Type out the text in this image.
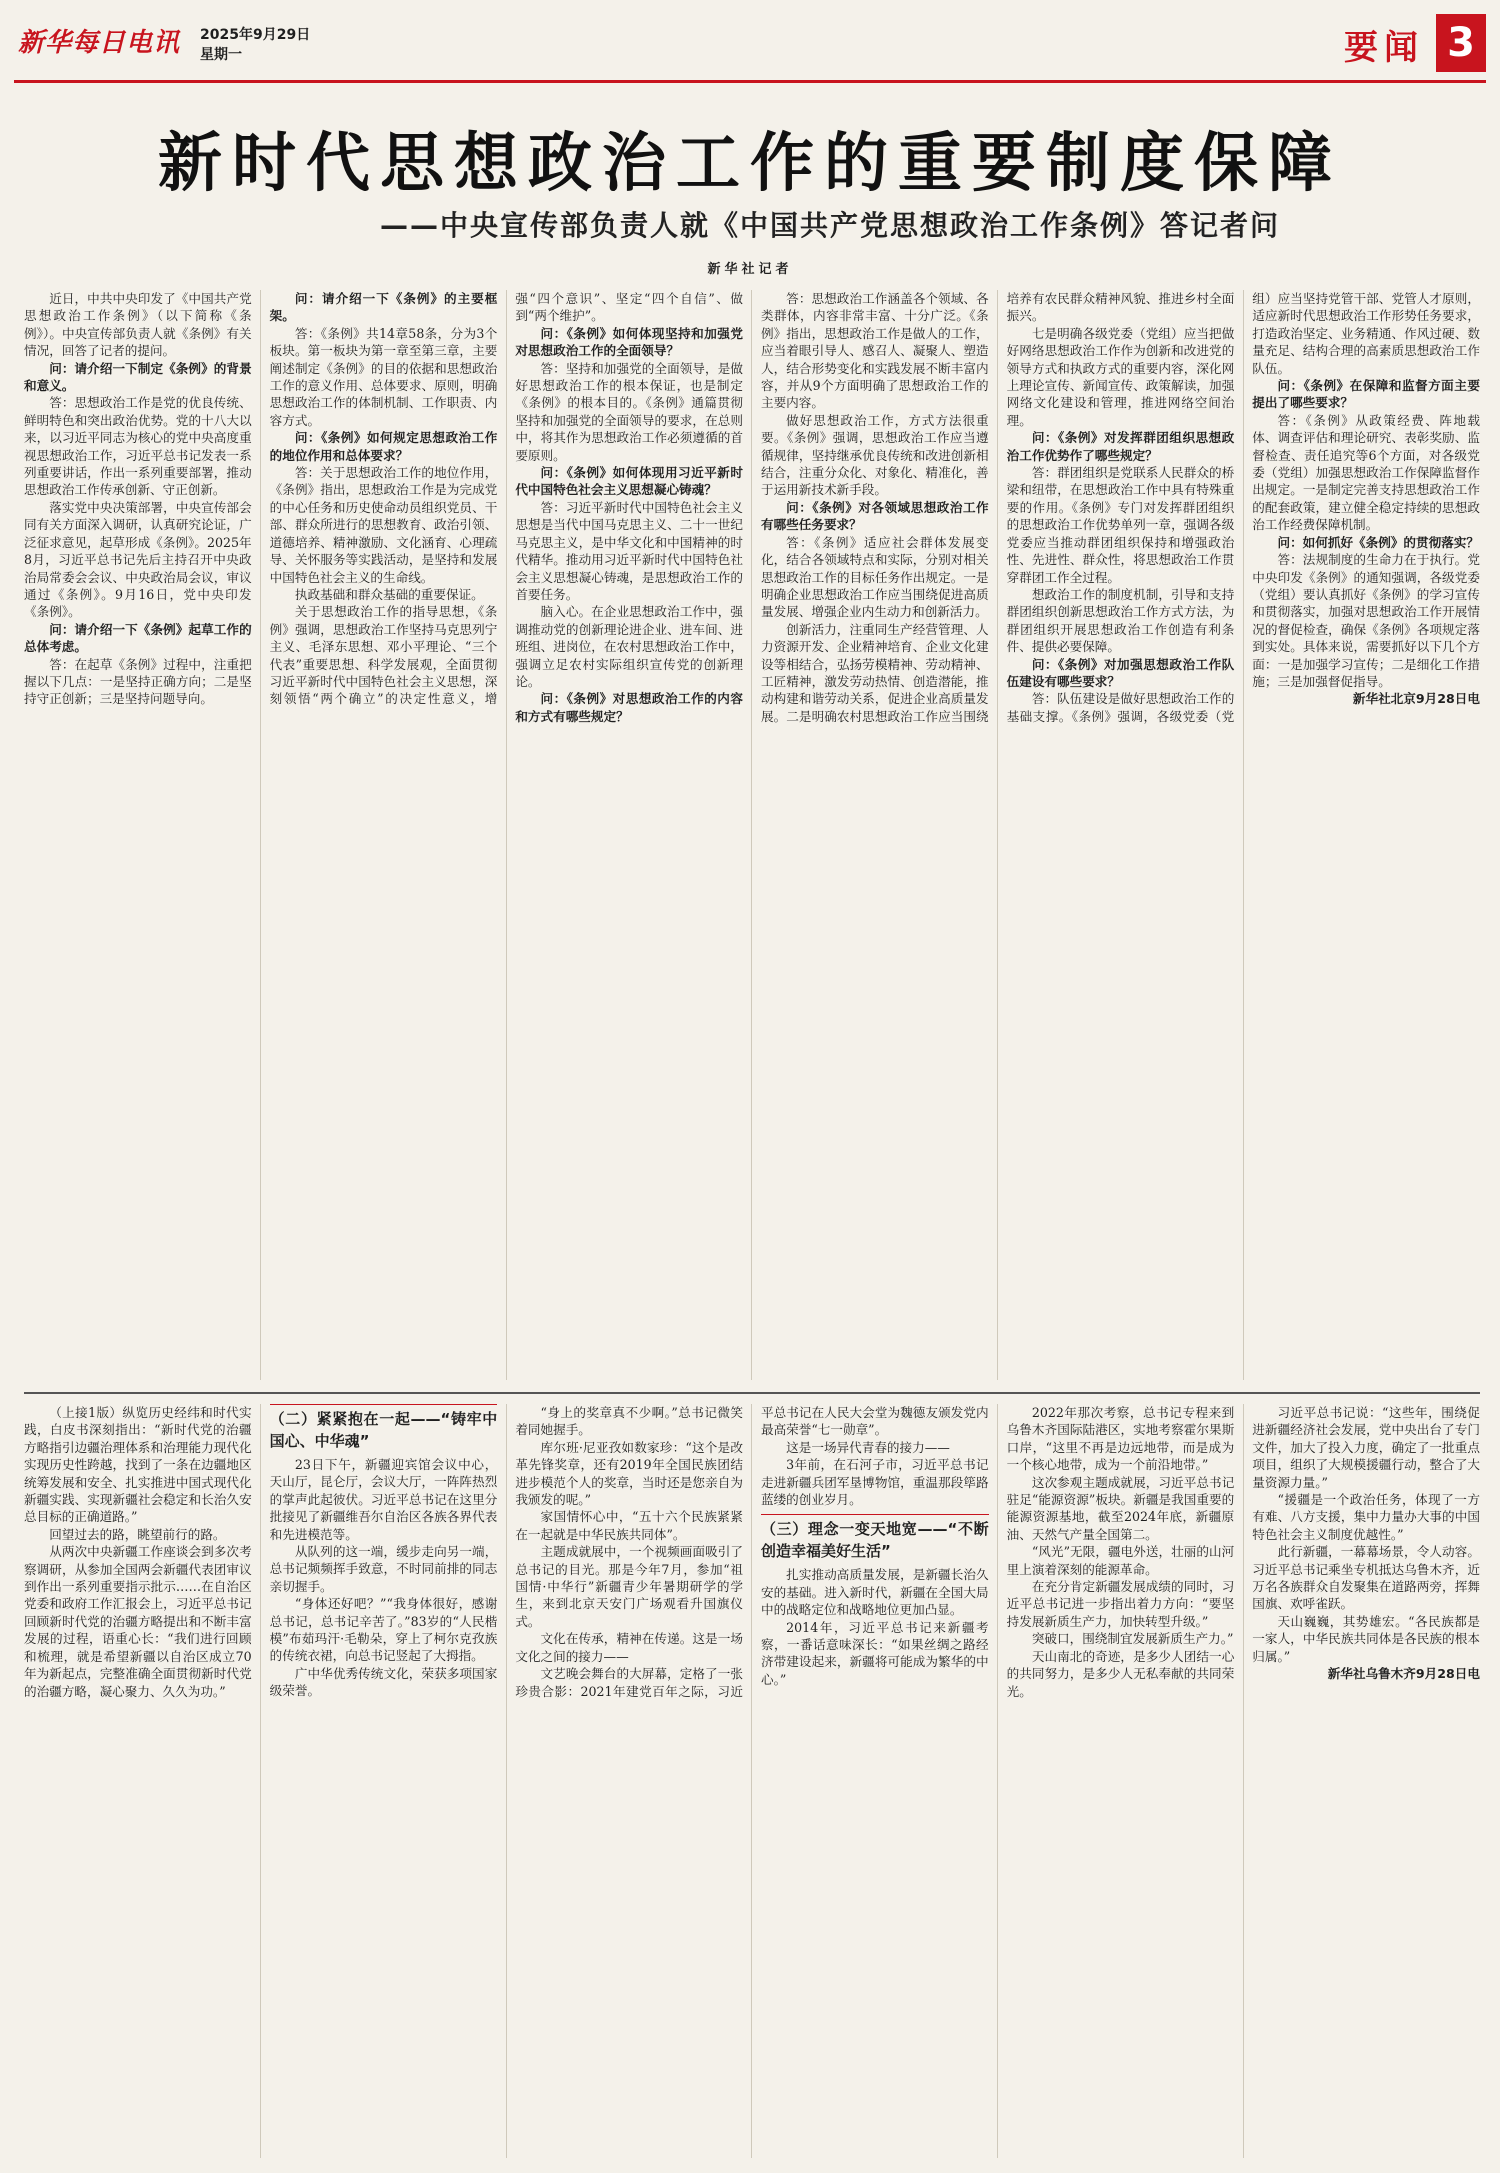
新华每日电讯 2025年9月29日
星期一	要闻 3
新时代思想政治工作的重要制度保障
——中央宣传部负责人就《中国共产党思想政治工作条例》答记者问
新华社记者

近日，中共中央印发了《中国共产党思想政治工作条例》（以下简称《条例》）。中央宣传部负责人就《条例》有关情况，回答了记者的提问。

问：请介绍一下制定《条例》的背景和意义。

答：思想政治工作是党的优良传统、鲜明特色和突出政治优势。党的十八大以来，以习近平同志为核心的党中央高度重视思想政治工作，习近平总书记发表一系列重要讲话，作出一系列重要部署，推动思想政治工作传承创新、守正创新。

落实党中央决策部署，中央宣传部会同有关方面深入调研，认真研究论证，广泛征求意见，起草形成《条例》。2025年8月，习近平总书记先后主持召开中央政治局常委会会议、中央政治局会议，审议通过《条例》。9月16日，党中央印发《条例》。

问：请介绍一下《条例》起草工作的总体考虑。

答：在起草《条例》过程中，注重把握以下几点：一是坚持正确方向；二是坚持守正创新；三是坚持问题导向。

问：请介绍一下《条例》的主要框架。

答：《条例》共14章58条，分为3个板块。第一板块为第一章至第三章，主要阐述制定《条例》的目的依据和思想政治工作的意义作用、总体要求、原则，明确思想政治工作的体制机制、工作职责、内容方式。

问：《条例》如何规定思想政治工作的地位作用和总体要求？

答：关于思想政治工作的地位作用，《条例》指出，思想政治工作是为完成党的中心任务和历史使命动员组织党员、干部、群众所进行的思想教育、政治引领、道德培养、精神激励、文化涵育、心理疏导、关怀服务等实践活动，是坚持和发展中国特色社会主义的生命线。

执政基础和群众基础的重要保证。

关于思想政治工作的指导思想，《条例》强调，思想政治工作坚持马克思列宁主义、毛泽东思想、邓小平理论、“三个代表”重要思想、科学发展观，全面贯彻习近平新时代中国特色社会主义思想，深刻领悟“两个确立”的决定性意义，增强“四个意识”、坚定“四个自信”、做到“两个维护”。

问：《条例》如何体现坚持和加强党对思想政治工作的全面领导？

答：坚持和加强党的全面领导，是做好思想政治工作的根本保证，也是制定《条例》的根本目的。《条例》通篇贯彻坚持和加强党的全面领导的要求，在总则中，将其作为思想政治工作必须遵循的首要原则。

问：《条例》如何体现用习近平新时代中国特色社会主义思想凝心铸魂？

答：习近平新时代中国特色社会主义思想是当代中国马克思主义、二十一世纪马克思主义，是中华文化和中国精神的时代精华。推动用习近平新时代中国特色社会主义思想凝心铸魂，是思想政治工作的首要任务。

脑入心。在企业思想政治工作中，强调推动党的创新理论进企业、进车间、进班组、进岗位，在农村思想政治工作中，强调立足农村实际组织宣传党的创新理论。

问：《条例》对思想政治工作的内容和方式有哪些规定？

答：思想政治工作涵盖各个领域、各类群体，内容非常丰富、十分广泛。《条例》指出，思想政治工作是做人的工作，应当着眼引导人、感召人、凝聚人、塑造人，结合形势变化和实践发展不断丰富内容，并从9个方面明确了思想政治工作的主要内容。

做好思想政治工作，方式方法很重要。《条例》强调，思想政治工作应当遵循规律，坚持继承优良传统和改进创新相结合，注重分众化、对象化、精准化，善于运用新技术新手段。

问：《条例》对各领域思想政治工作有哪些任务要求？

答：《条例》适应社会群体发展变化，结合各领域特点和实际，分别对相关思想政治工作的目标任务作出规定。一是明确企业思想政治工作应当围绕促进高质量发展、增强企业内生动力和创新活力。

创新活力，注重同生产经营管理、人力资源开发、企业精神培育、企业文化建设等相结合，弘扬劳模精神、劳动精神、工匠精神，激发劳动热情、创造潜能，推动构建和谐劳动关系，促进企业高质量发展。二是明确农村思想政治工作应当围绕培养有农民群众精神风貌、推进乡村全面振兴。

七是明确各级党委（党组）应当把做好网络思想政治工作作为创新和改进党的领导方式和执政方式的重要内容，深化网上理论宣传、新闻宣传、政策解读，加强网络文化建设和管理，推进网络空间治理。

问：《条例》对发挥群团组织思想政治工作优势作了哪些规定？

答：群团组织是党联系人民群众的桥梁和纽带，在思想政治工作中具有特殊重要的作用。《条例》专门对发挥群团组织的思想政治工作优势单列一章，强调各级党委应当推动群团组织保持和增强政治性、先进性、群众性，将思想政治工作贯穿群团工作全过程。

想政治工作的制度机制，引导和支持群团组织创新思想政治工作方式方法，为群团组织开展思想政治工作创造有利条件、提供必要保障。

问：《条例》对加强思想政治工作队伍建设有哪些要求？

答：队伍建设是做好思想政治工作的基础支撑。《条例》强调，各级党委（党组）应当坚持党管干部、党管人才原则，适应新时代思想政治工作形势任务要求，打造政治坚定、业务精通、作风过硬、数量充足、结构合理的高素质思想政治工作队伍。

问：《条例》在保障和监督方面主要提出了哪些要求？

答：《条例》从政策经费、阵地载体、调查评估和理论研究、表彰奖励、监督检查、责任追究等6个方面，对各级党委（党组）加强思想政治工作保障监督作出规定。一是制定完善支持思想政治工作的配套政策，建立健全稳定持续的思想政治工作经费保障机制。

问：如何抓好《条例》的贯彻落实？

答：法规制度的生命力在于执行。党中央印发《条例》的通知强调，各级党委（党组）要认真抓好《条例》的学习宣传和贯彻落实，加强对思想政治工作开展情况的督促检查，确保《条例》各项规定落到实处。具体来说，需要抓好以下几个方面：一是加强学习宣传；二是细化工作措施；三是加强督促指导。

新华社北京9月28日电

（上接1版）纵览历史经纬和时代实践，白皮书深刻指出：“新时代党的治疆方略指引边疆治理体系和治理能力现代化实现历史性跨越，找到了一条在边疆地区统筹发展和安全、扎实推进中国式现代化新疆实践、实现新疆社会稳定和长治久安总目标的正确道路。”

回望过去的路，眺望前行的路。

从两次中央新疆工作座谈会到多次考察调研，从参加全国两会新疆代表团审议到作出一系列重要指示批示……在自治区党委和政府工作汇报会上，习近平总书记回顾新时代党的治疆方略提出和不断丰富发展的过程，语重心长：“我们进行回顾和梳理，就是希望新疆以自治区成立70年为新起点，完整准确全面贯彻新时代党的治疆方略，凝心聚力、久久为功。”

（二）紧紧抱在一起——“铸牢中国心、中华魂”

23日下午，新疆迎宾馆会议中心，天山厅，昆仑厅，会议大厅，一阵阵热烈的掌声此起彼伏。习近平总书记在这里分批接见了新疆维吾尔自治区各族各界代表和先进模范等。

从队列的这一端，缓步走向另一端，总书记频频挥手致意，不时同前排的同志亲切握手。

“身体还好吧？”“我身体很好，感谢总书记，总书记辛苦了。”83岁的“人民楷模”布茹玛汗·毛勒朵，穿上了柯尔克孜族的传统衣裙，向总书记竖起了大拇指。

广中华优秀传统文化，荣获多项国家级荣誉。

“身上的奖章真不少啊。”总书记微笑着同她握手。

库尔班·尼亚孜如数家珍：“这个是改革先锋奖章，还有2019年全国民族团结进步模范个人的奖章，当时还是您亲自为我颁发的呢。”

家国情怀心中，“五十六个民族紧紧在一起就是中华民族共同体”。

主题成就展中，一个视频画面吸引了总书记的目光。那是今年7月，参加“祖国情·中华行”新疆青少年暑期研学的学生，来到北京天安门广场观看升国旗仪式。

文化在传承，精神在传递。这是一场文化之间的接力——

文艺晚会舞台的大屏幕，定格了一张珍贵合影：2021年建党百年之际，习近平总书记在人民大会堂为魏德友颁发党内最高荣誉“七一勋章”。

这是一场异代青春的接力——

3年前，在石河子市，习近平总书记走进新疆兵团军垦博物馆，重温那段筚路蓝缕的创业岁月。

（三）理念一变天地宽——“不断创造幸福美好生活”

扎实推动高质量发展，是新疆长治久安的基础。进入新时代，新疆在全国大局中的战略定位和战略地位更加凸显。

2014年，习近平总书记来新疆考察，一番话意味深长：“如果丝绸之路经济带建设起来，新疆将可能成为繁华的中心。”

2022年那次考察，总书记专程来到乌鲁木齐国际陆港区，实地考察霍尔果斯口岸，“这里不再是边远地带，而是成为一个核心地带，成为一个前沿地带。”

这次参观主题成就展，习近平总书记驻足“能源资源”板块。新疆是我国重要的能源资源基地，截至2024年底，新疆原油、天然气产量全国第二。

“风光”无限，疆电外送，壮丽的山河里上演着深刻的能源革命。

在充分肯定新疆发展成绩的同时，习近平总书记进一步指出着力方向：“要坚持发展新质生产力，加快转型升级。”

突破口，围绕制宜发展新质生产力。”

天山南北的奇迹，是多少人团结一心的共同努力，是多少人无私奉献的共同荣光。

习近平总书记说：“这些年，围绕促进新疆经济社会发展，党中央出台了专门文件，加大了投入力度，确定了一批重点项目，组织了大规模援疆行动，整合了大量资源力量。”

“援疆是一个政治任务，体现了一方有难、八方支援，集中力量办大事的中国特色社会主义制度优越性。”

此行新疆，一幕幕场景，令人动容。习近平总书记乘坐专机抵达乌鲁木齐，近万名各族群众自发聚集在道路两旁，挥舞国旗、欢呼雀跃。

天山巍巍，其势雄宏。“各民族都是一家人，中华民族共同体是各民族的根本归属。”

新华社乌鲁木齐9月28日电
